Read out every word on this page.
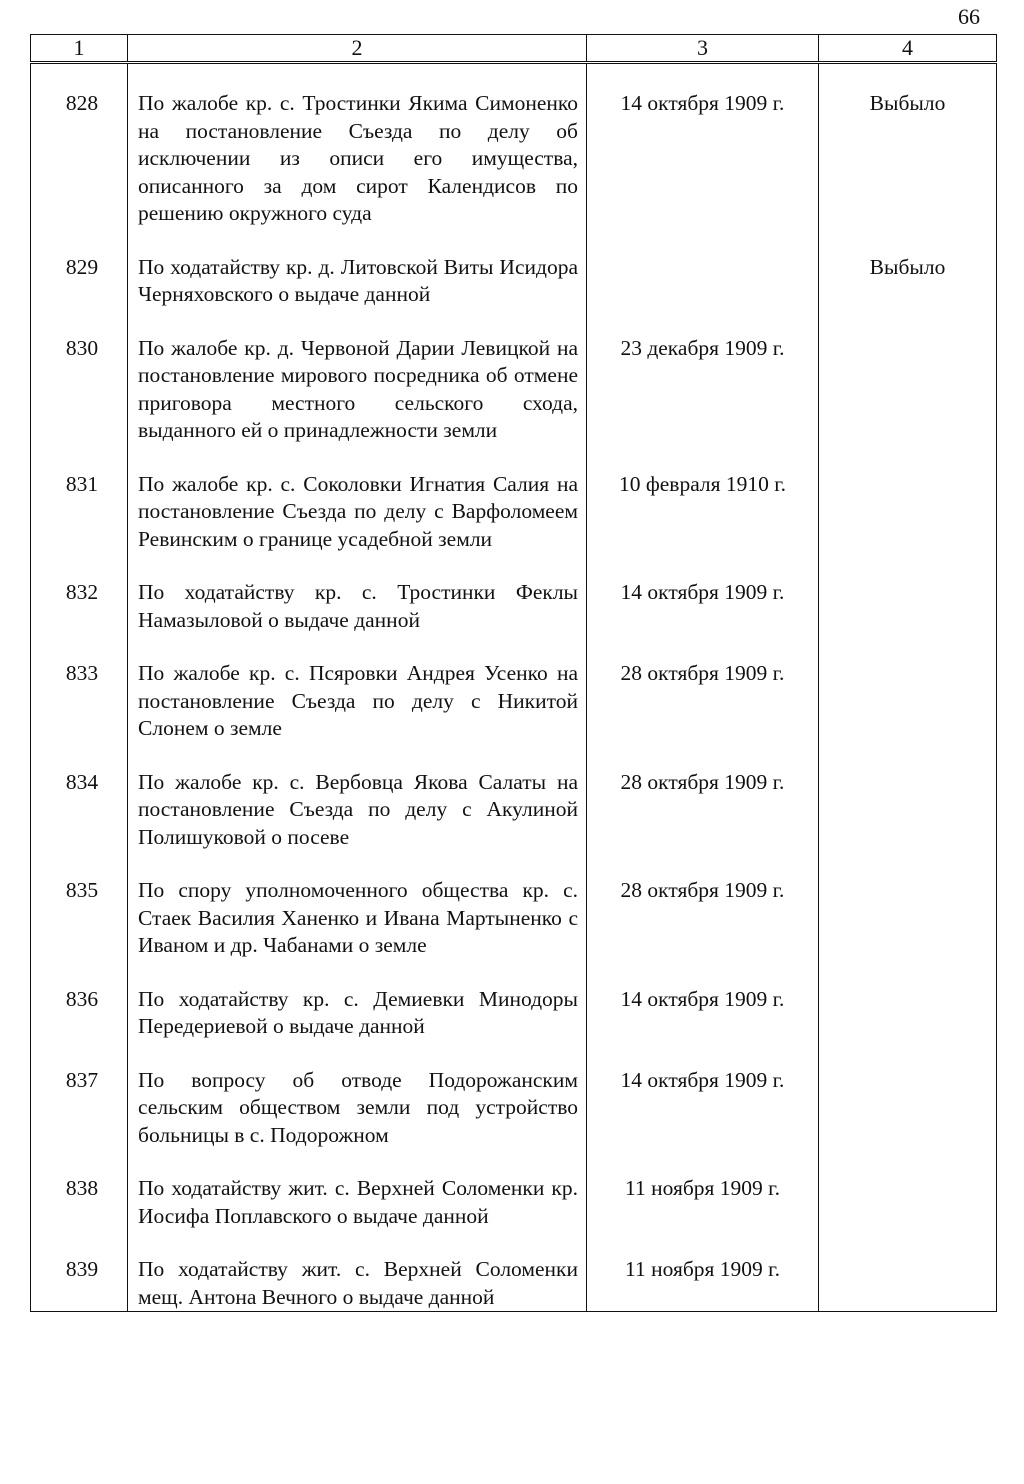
66
1	2	3	4
828	По жалобе кр. с. Тростинки Якима Симоненко на постановление Съезда по делу об исключении из описи его имущества, описанного за дом сирот Календисов по решению окружного суда	14 октября 1909 г.	Выбыло
829	По ходатайству кр. д. Литовской Виты Исидора Черняховского о выдаче данной		Выбыло
830	По жалобе кр. д. Червоной Дарии Левицкой на постановление мирового посредника об отмене приговора местного сельского схода, выданного ей о принадлежности земли	23 декабря 1909 г.	
831	По жалобе кр. с. Соколовки Игнатия Салия на постановление Съезда по делу с Варфоломеем Ревинским о границе усадебной земли	10 февраля 1910 г.	
832	По ходатайству кр. с. Тростинки Феклы Намазыловой о выдаче данной	14 октября 1909 г.	
833	По жалобе кр. с. Псяровки Андрея Усенко на постановление Съезда по делу с Никитой Слонем о земле	28 октября 1909 г.	
834	По жалобе кр. с. Вербовца Якова Салаты на постановление Съезда по делу с Акулиной Полишуковой о посеве	28 октября 1909 г.	
835	По спору уполномоченного общества кр. с. Стаек Василия Ханенко и Ивана Мартыненко с Иваном и др. Чабанами о земле	28 октября 1909 г.	
836	По ходатайству кр. с. Демиевки Минодоры Передериевой о выдаче данной	14 октября 1909 г.	
837	По вопросу об отводе Подорожанским сельским обществом земли под устройство больницы в с. Подорожном	14 октября 1909 г.	
838	По ходатайству жит. с. Верхней Соломенки кр. Иосифа Поплавского о выдаче данной	11 ноября 1909 г.	
839	По ходатайству жит. с. Верхней Соломенки мещ. Антона Вечного о выдаче данной	11 ноября 1909 г.	
